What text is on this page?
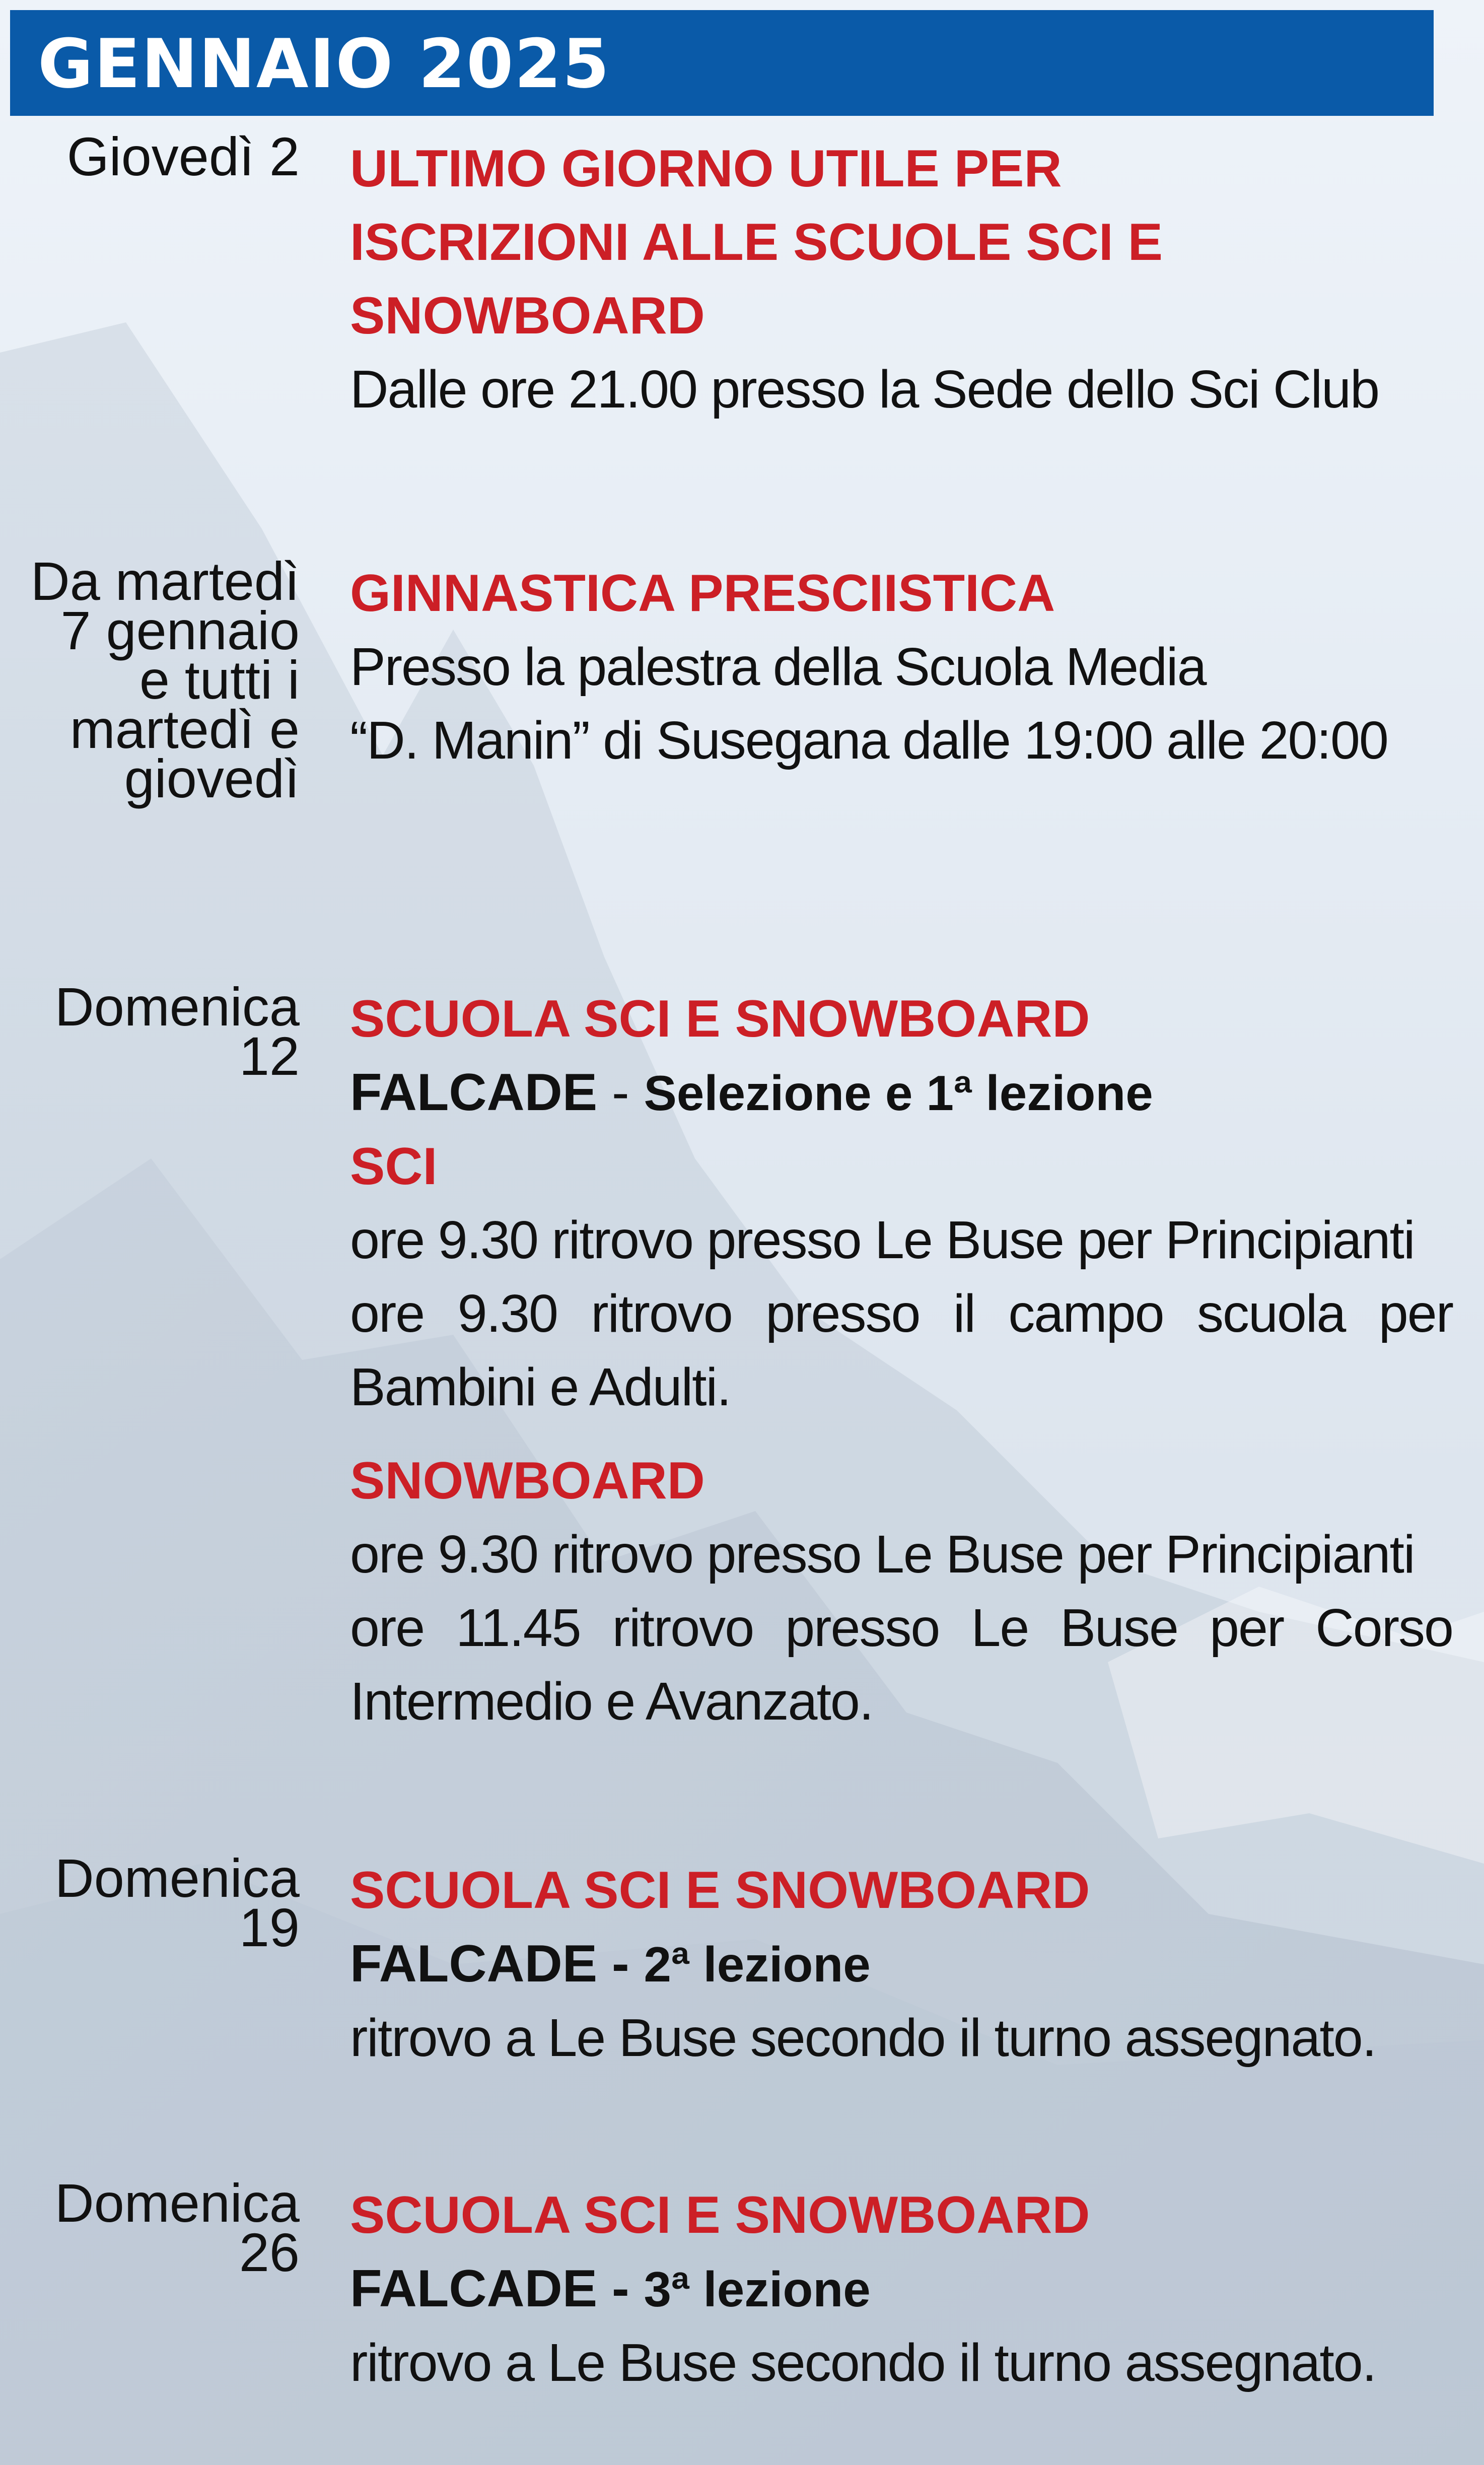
GENNAIO 2025
Giovedì 2 ULTIMO GIORNO UTILE PER
ISCRIZIONI ALLE SCUOLE SCI E
SNOWBOARD
Dalle ore 21.00 presso la Sede dello Sci Club
Da martedì
7 gennaio
e tutti i
martedì e
giovedì
GINNASTICA PRESCIISTICA
Presso la palestra della Scuola Media
“D. Manin” di Susegana dalle 19:00 alle 20:00
Domenica
12
SCUOLA SCI E SNOWBOARD
FALCADE - Selezione e 1ª lezione
SCI
ore 9.30 ritrovo presso Le Buse per Principianti
ore 9.30 ritrovo presso il campo scuola per Bambini e Adulti.
SNOWBOARD
ore 9.30 ritrovo presso Le Buse per Principianti
ore 11.45 ritrovo presso Le Buse per Corso Intermedio e Avanzato.
Domenica
19
SCUOLA SCI E SNOWBOARD
FALCADE - 2ª lezione
ritrovo a Le Buse secondo il turno assegnato.
Domenica
26
SCUOLA SCI E SNOWBOARD
FALCADE - 3ª lezione
ritrovo a Le Buse secondo il turno assegnato.
